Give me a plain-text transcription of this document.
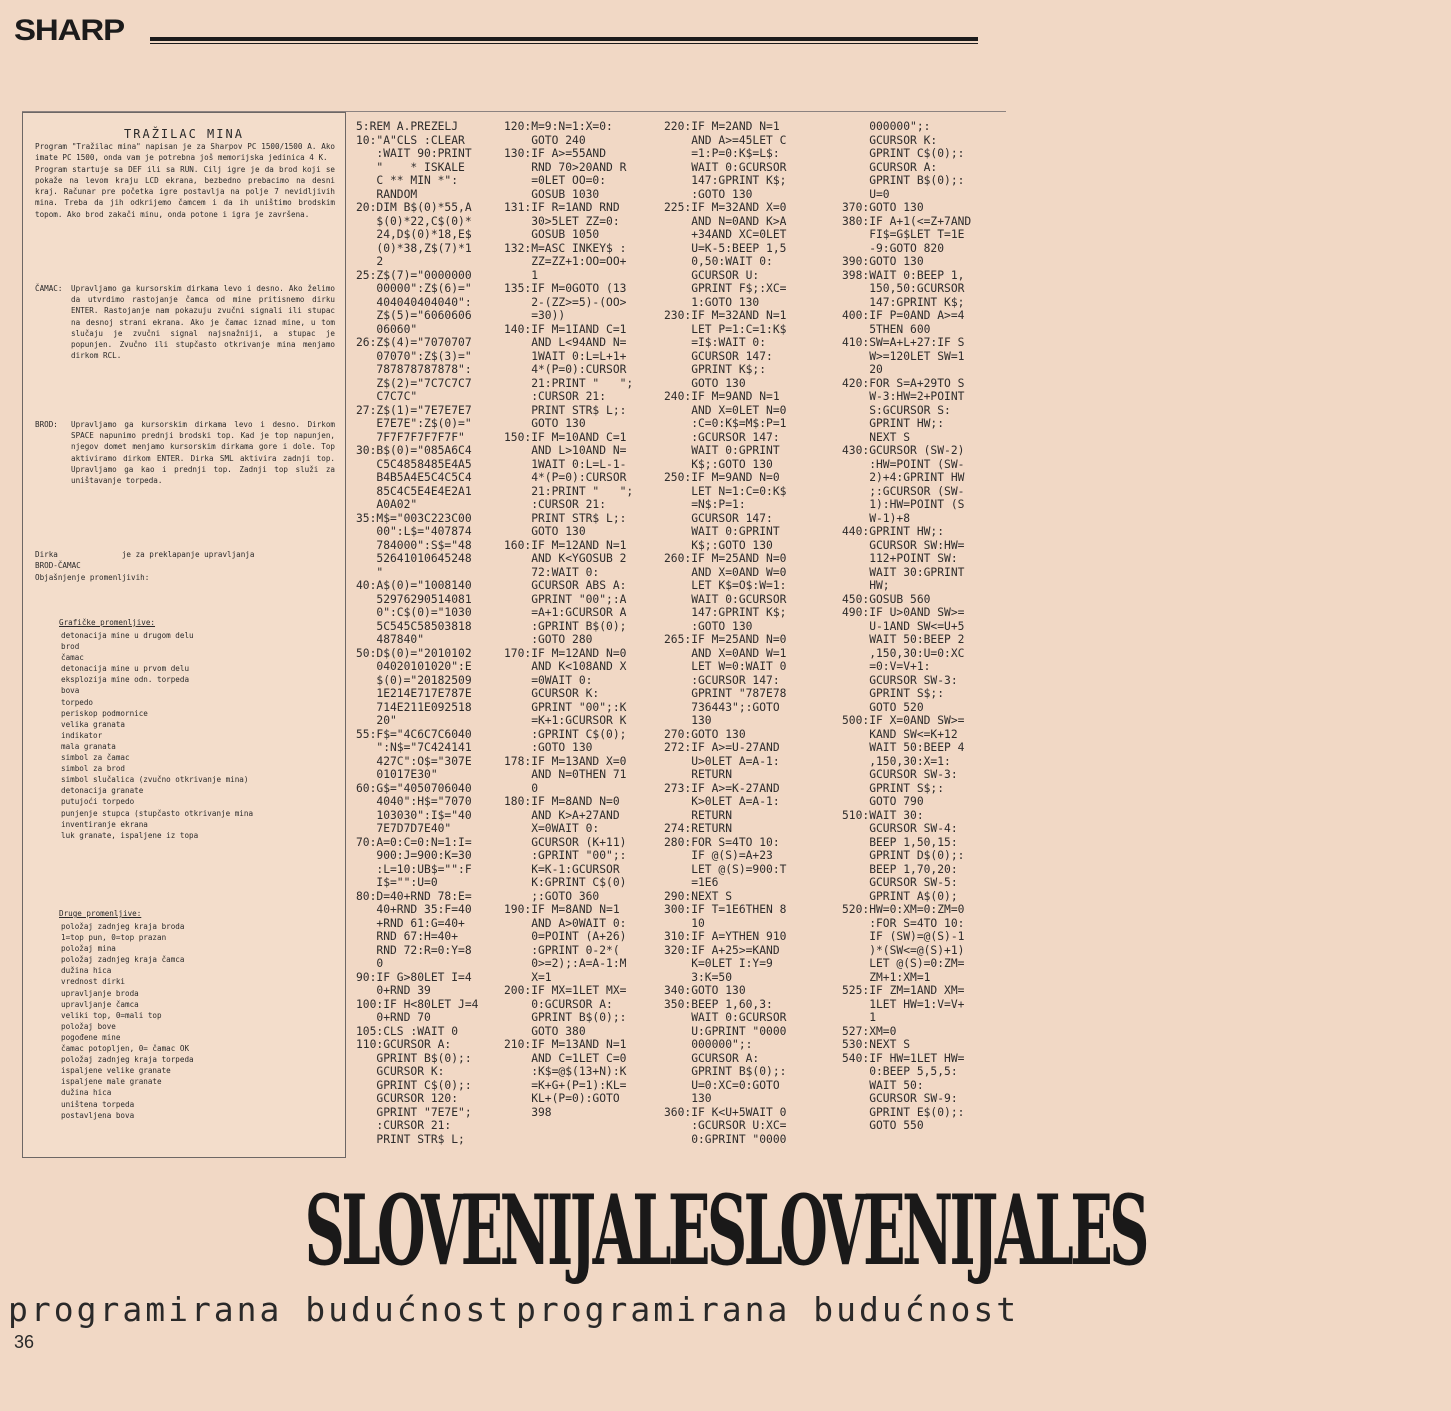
SHARP
TRAŽILAC MINA

Program "Tražilac mina" napisan je za Sharpov PC 1500/1500 A. Ako imate PC 1500, onda vam je potrebna još memorijska jedinica 4 K.

Program startuje sa DEF ili sa RUN. Cilj igre je da brod koji se pokaže na levom kraju LCD ekrana, bezbedno prebacimo na desni kraj. Računar pre početka igre postavlja na polje 7 nevidljivih mina. Treba da jih odkrijemo čamcem i da ih uništimo brodskim topom. Ako brod zakači minu, onda potone i igra je završena.

ČAMAC: Upravljamo ga kursorskim dirkama levo i desno. Ako želimo da utvrdimo rastojanje čamca od mine pritisnemo dirku ENTER. Rastojanje nam pokazuju zvučni signali ili stupac na desnoj strani ekrana. Ako je čamac iznad mine, u tom slučaju je zvučni signal najsnažniji, a stupac je popunjen. Zvučno ili stupčasto otkrivanje mina menjamo dirkom RCL.
BROD: Upravljamo ga kursorskim dirkama levo i desno. Dirkom SPACE napunimo prednji brodski top. Kad je top napunjen, njegov domet menjamo kursorskim dirkama gore i dole. Top aktiviramo dirkom ENTER. Dirka SML aktivira zadnji top. Upravljamo ga kao i prednji top. Zadnji top služi za uništavanje torpeda.
Dirka              je za preklapanje upravljanja
BROD-ČAMAC
Objašnjenje promenljivih:
Grafičke promenljive:
detonacija mine u drugom delu
brod
čamac
detonacija mine u prvom delu
eksplozija mine odn. torpeda
bova
torpedo
periskop podmornice
velika granata
indikator
mala granata
simbol za čamac
simbol za brod
simbol slučalica (zvučno otkrivanje mina)
detonacija granate
putujoći torpedo
punjenje stupca (stupčasto otkrivanje mina
inventiranje ekrana
luk granate, ispaljene iz topa
Druge promenljive:
položaj zadnjeg kraja broda
1=top pun, 0=top prazan
položaj mina
položaj zadnjeg kraja čamca
dužina hica
vrednost dirki
upravljanje broda
upravljanje čamca
veliki top, 0=mali top
položaj bove
pogođene mine
čamac potopljen, 0= čamac OK
položaj zadnjeg kraja torpeda
ispaljene velike granate
ispaljene male granate
dužina hica
uništena torpeda
postavljena bova
5:REM A.PREZELJ
10:"A"CLS :CLEAR
:WAIT 90:PRINT
"    * ISKALE
C ** MIN *":
RANDOM
20:DIM B$(0)*55,A
$(0)*22,C$(0)*
24,D$(0)*18,E$
(0)*38,Z$(7)*1
2
25:Z$(7)="0000000
00000":Z$(6)="
404040404040":
Z$(5)="6060606
06060"
26:Z$(4)="7070707
07070":Z$(3)="
787878787878":
Z$(2)="7C7C7C7
C7C7C"
27:Z$(1)="7E7E7E7
E7E7E":Z$(0)="
7F7F7F7F7F7F"
30:B$(0)="085A6C4
C5C4858485E4A5
B4B5A4E5C4C5C4
85C4C5E4E4E2A1
A0A02"
35:M$="003C223C00
00":L$="407874
784000":S$="48
52641010645248
"
40:A$(0)="1008140
52976290514081
0":C$(0)="1030
5C545C58503818
487840"
50:D$(0)="2010102
04020101020":E
$(0)="20182509
1E214E717E787E
714E211E092518
20"
55:F$="4C6C7C6040
":N$="7C424141
427C":O$="307E
01017E30"
60:G$="4050706040
4040":H$="7070
103030":I$="40
7E7D7D7E40"
70:A=0:C=0:N=1:I=
900:J=900:K=30
:L=10:UB$="":F
I$="":U=0
80:D=40+RND 78:E=
40+RND 35:F=40
+RND 61:G=40+
RND 67:H=40+
RND 72:R=0:Y=8
0
90:IF G>80LET I=4
0+RND 39
100:IF H<80LET J=4
0+RND 70
105:CLS :WAIT 0
110:GCURSOR A:
GPRINT B$(0);:
GCURSOR K:
GPRINT C$(0);:
GCURSOR 120:
GPRINT "7E7E";
:CURSOR 21:
PRINT STR$ L;
120:M=9:N=1:X=0:
GOTO 240
130:IF A>=55AND
RND 70>20AND R
=0LET OO=0:
GOSUB 1030
131:IF R=1AND RND
30>5LET ZZ=0:
GOSUB 1050
132:M=ASC INKEY$ :
ZZ=ZZ+1:OO=OO+
1
135:IF M=0GOTO (13
2-(ZZ>=5)-(OO>
=30))
140:IF M=1IAND C=1
AND L<94AND N=
1WAIT 0:L=L+1+
4*(P=0):CURSOR
21:PRINT "   ";
:CURSOR 21:
PRINT STR$ L;:
GOTO 130
150:IF M=10AND C=1
AND L>10AND N=
1WAIT 0:L=L-1-
4*(P=0):CURSOR
21:PRINT "   ";
:CURSOR 21:
PRINT STR$ L;:
GOTO 130
160:IF M=12AND N=1
AND K<YGOSUB 2
72:WAIT 0:
GCURSOR ABS A:
GPRINT "00";:A
=A+1:GCURSOR A
:GPRINT B$(0);
:GOTO 280
170:IF M=12AND N=0
AND K<108AND X
=0WAIT 0:
GCURSOR K:
GPRINT "00";:K
=K+1:GCURSOR K
:GPRINT C$(0);
:GOTO 130
178:IF M=13AND X=0
AND N=0THEN 71
0
180:IF M=8AND N=0
AND K>A+27AND
X=0WAIT 0:
GCURSOR (K+11)
:GPRINT "00";:
K=K-1:GCURSOR
K:GPRINT C$(0)
;:GOTO 360
190:IF M=8AND N=1
AND A>0WAIT 0:
0=POINT (A+26)
:GPRINT 0-2*(
0>=2);:A=A-1:M
X=1
200:IF MX=1LET MX=
0:GCURSOR A:
GPRINT B$(0);:
GOTO 380
210:IF M=13AND N=1
AND C=1LET C=0
:K$=@$(13+N):K
=K+G+(P=1):KL=
KL+(P=0):GOTO
398
220:IF M=2AND N=1
AND A>=45LET C
=1:P=0:K$=L$:
WAIT 0:GCURSOR
147:GPRINT K$;
:GOTO 130
225:IF M=32AND X=0
AND N=0AND K>A
+34AND XC=0LET
U=K-5:BEEP 1,5
0,50:WAIT 0:
GCURSOR U:
GPRINT F$;:XC=
1:GOTO 130
230:IF M=32AND N=1
LET P=1:C=1:K$
=I$:WAIT 0:
GCURSOR 147:
GPRINT K$;:
GOTO 130
240:IF M=9AND N=1
AND X=0LET N=0
:C=0:K$=M$:P=1
:GCURSOR 147:
WAIT 0:GPRINT
K$;:GOTO 130
250:IF M=9AND N=0
LET N=1:C=0:K$
=N$:P=1:
GCURSOR 147:
WAIT 0:GPRINT
K$;:GOTO 130
260:IF M=25AND N=0
AND X=0AND W=0
LET K$=O$:W=1:
WAIT 0:GCURSOR
147:GPRINT K$;
:GOTO 130
265:IF M=25AND N=0
AND X=0AND W=1
LET W=0:WAIT 0
:GCURSOR 147:
GPRINT "787E78
736443";:GOTO
130
270:GOTO 130
272:IF A>=U-27AND
U>0LET A=A-1:
RETURN
273:IF A>=K-27AND
K>0LET A=A-1:
RETURN
274:RETURN
280:FOR S=4TO 10:
IF @(S)=A+23
LET @(S)=900:T
=1E6
290:NEXT S
300:IF T=1E6THEN 8
10
310:IF A=YTHEN 910
320:IF A+25>=KAND
K=0LET I:Y=9
3:K=50
340:GOTO 130
350:BEEP 1,60,3:
WAIT 0:GCURSOR
U:GPRINT "0000
000000";:
GCURSOR A:
GPRINT B$(0);:
U=0:XC=0:GOTO
130
360:IF K<U+5WAIT 0
:GCURSOR U:XC=
0:GPRINT "0000
000000";:
GCURSOR K:
GPRINT C$(0);:
GCURSOR A:
GPRINT B$(0);:
U=0
370:GOTO 130
380:IF A+1(<=Z+7AND
FI$=G$LET T=1E
-9:GOTO 820
390:GOTO 130
398:WAIT 0:BEEP 1,
150,50:GCURSOR
147:GPRINT K$;
400:IF P=0AND A>=4
5THEN 600
410:SW=A+L+27:IF S
W>=120LET SW=1
20
420:FOR S=A+29TO S
W-3:HW=2+POINT
S:GCURSOR S:
GPRINT HW;:
NEXT S
430:GCURSOR (SW-2)
:HW=POINT (SW-
2)+4:GPRINT HW
;:GCURSOR (SW-
1):HW=POINT (S
W-1)+8
440:GPRINT HW;:
GCURSOR SW:HW=
112+POINT SW:
WAIT 30:GPRINT
HW;
450:GOSUB 560
490:IF U>0AND SW>=
U-1AND SW<=U+5
WAIT 50:BEEP 2
,150,30:U=0:XC
=0:V=V+1:
GCURSOR SW-3:
GPRINT S$;:
GOTO 520
500:IF X=0AND SW>=
KAND SW<=K+12
WAIT 50:BEEP 4
,150,30:X=1:
GCURSOR SW-3:
GPRINT S$;:
GOTO 790
510:WAIT 30:
GCURSOR SW-4:
BEEP 1,50,15:
GPRINT D$(0);:
BEEP 1,70,20:
GCURSOR SW-5:
GPRINT A$(0);
520:HW=0:XM=0:ZM=0
:FOR S=4TO 10:
IF (SW)=@(S)-1
)*(SW<=@(S)+1)
LET @(S)=0:ZM=
ZM+1:XM=1
525:IF ZM=1AND XM=
1LET HW=1:V=V+
1
527:XM=0
530:NEXT S
540:IF HW=1LET HW=
0:BEEP 5,5,5:
WAIT 50:
GCURSOR SW-9:
GPRINT E$(0);:
GOTO 550
SLOVENIJALESLOVENIJALES
programirana budućnost programirana budućnost
36
